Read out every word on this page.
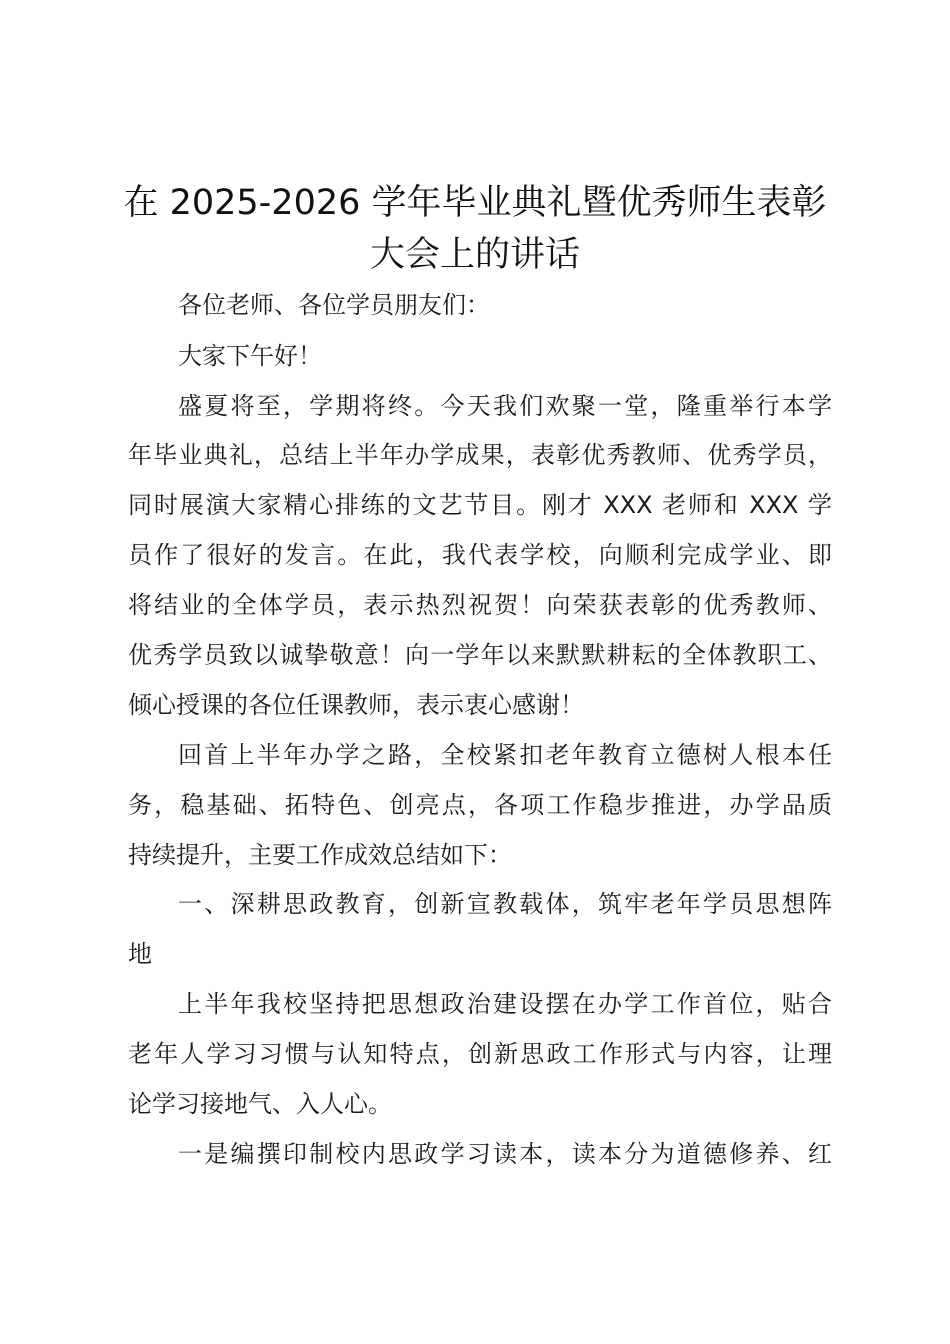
在 2025-2026 学年毕业典礼暨优秀师生表彰
大会上的讲话

各位老师、各位学员朋友们：

大家下午好！

盛夏将至，学期将终。今天我们欢聚一堂，隆重举行本学

年毕业典礼，总结上半年办学成果，表彰优秀教师、优秀学员，

同时展演大家精心排练的文艺节目。刚才 XXX 老师和 XXX 学

员作了很好的发言。在此，我代表学校，向顺利完成学业、即

将结业的全体学员，表示热烈祝贺！向荣获表彰的优秀教师、

优秀学员致以诚挚敬意！向一学年以来默默耕耘的全体教职工、

倾心授课的各位任课教师，表示衷心感谢！

回首上半年办学之路，全校紧扣老年教育立德树人根本任

务，稳基础、拓特色、创亮点，各项工作稳步推进，办学品质

持续提升，主要工作成效总结如下：

一、深耕思政教育，创新宣教载体，筑牢老年学员思想阵

地

上半年我校坚持把思想政治建设摆在办学工作首位，贴合

老年人学习习惯与认知特点，创新思政工作形式与内容，让理

论学习接地气、入人心。

一是编撰印制校内思政学习读本，读本分为道德修养、红
